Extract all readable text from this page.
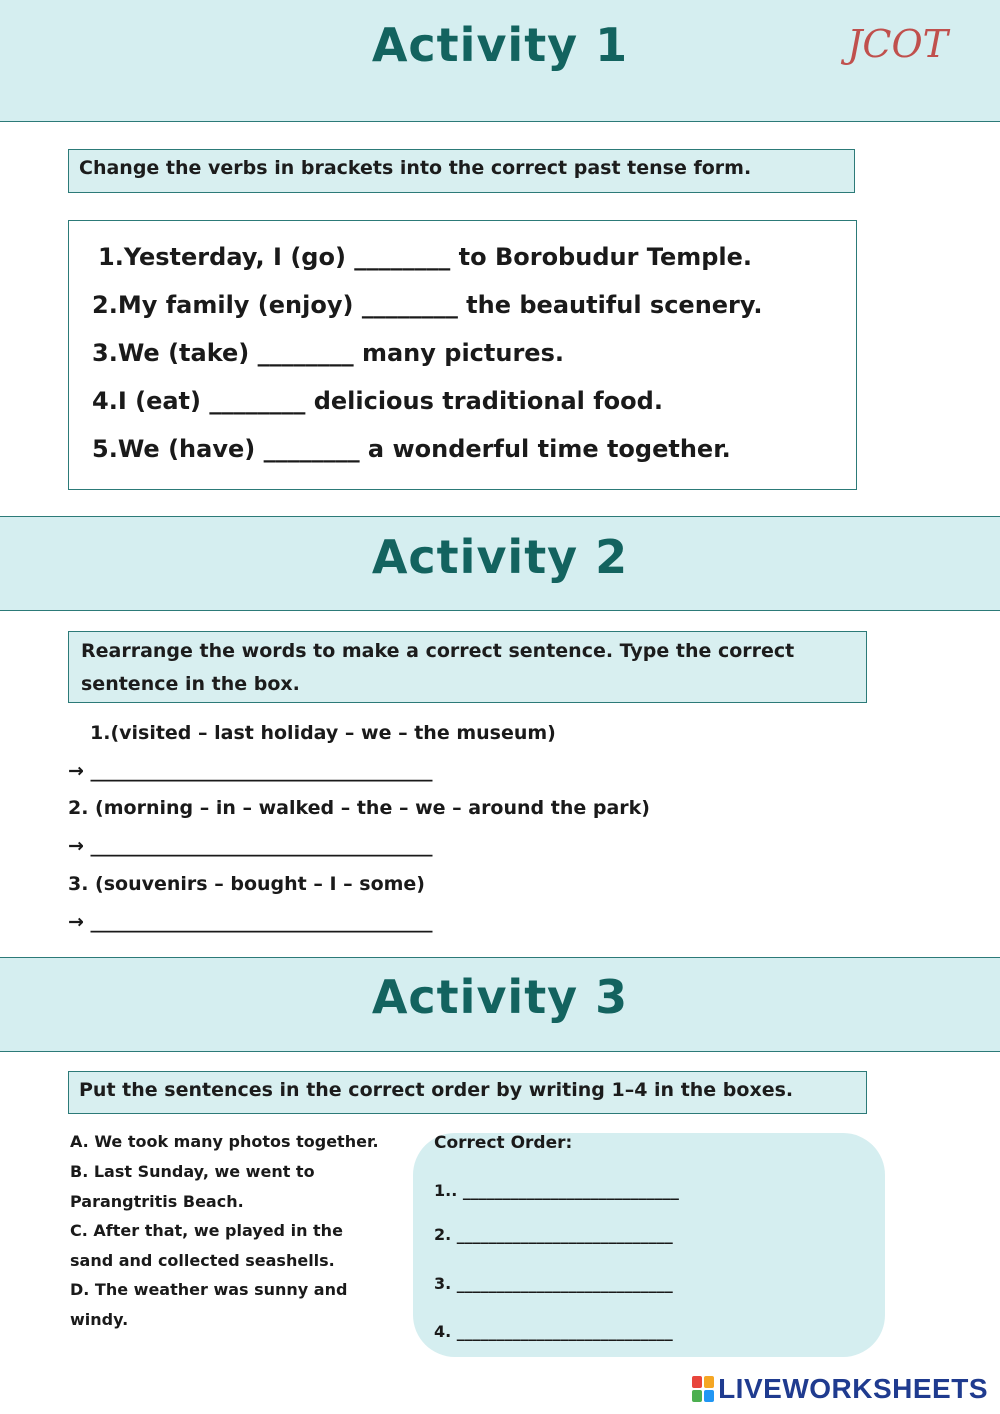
Activity 1	JCOT
Change the verbs in brackets into the correct past tense form.
1.Yesterday, I (go) ________ to Borobudur Temple.
2.My family (enjoy) ________ the beautiful scenery.
3.We (take) ________ many pictures.
4.I (eat) ________ delicious traditional food.
5.We (have) ________ a wonderful time together.
Activity 2
Rearrange the words to make a correct sentence. Type the correct
sentence in the box.
1.(visited – last holiday – we – the museum)
→ ____________________________________
2. (morning – in – walked – the – we – around the park)
→ ____________________________________
3. (souvenirs – bought – I – some)
→ ____________________________________
Activity 3
Put the sentences in the correct order by writing 1–4 in the boxes.
A. We took many photos together.
B. Last Sunday, we went to
Parangtritis Beach.
C. After that, we played in the
sand and collected seashells.
D. The weather was sunny and
windy.
Correct Order:
1.. ___________________________
2. ___________________________
3. ___________________________
4. ___________________________
LIVEWORKSHEETS
